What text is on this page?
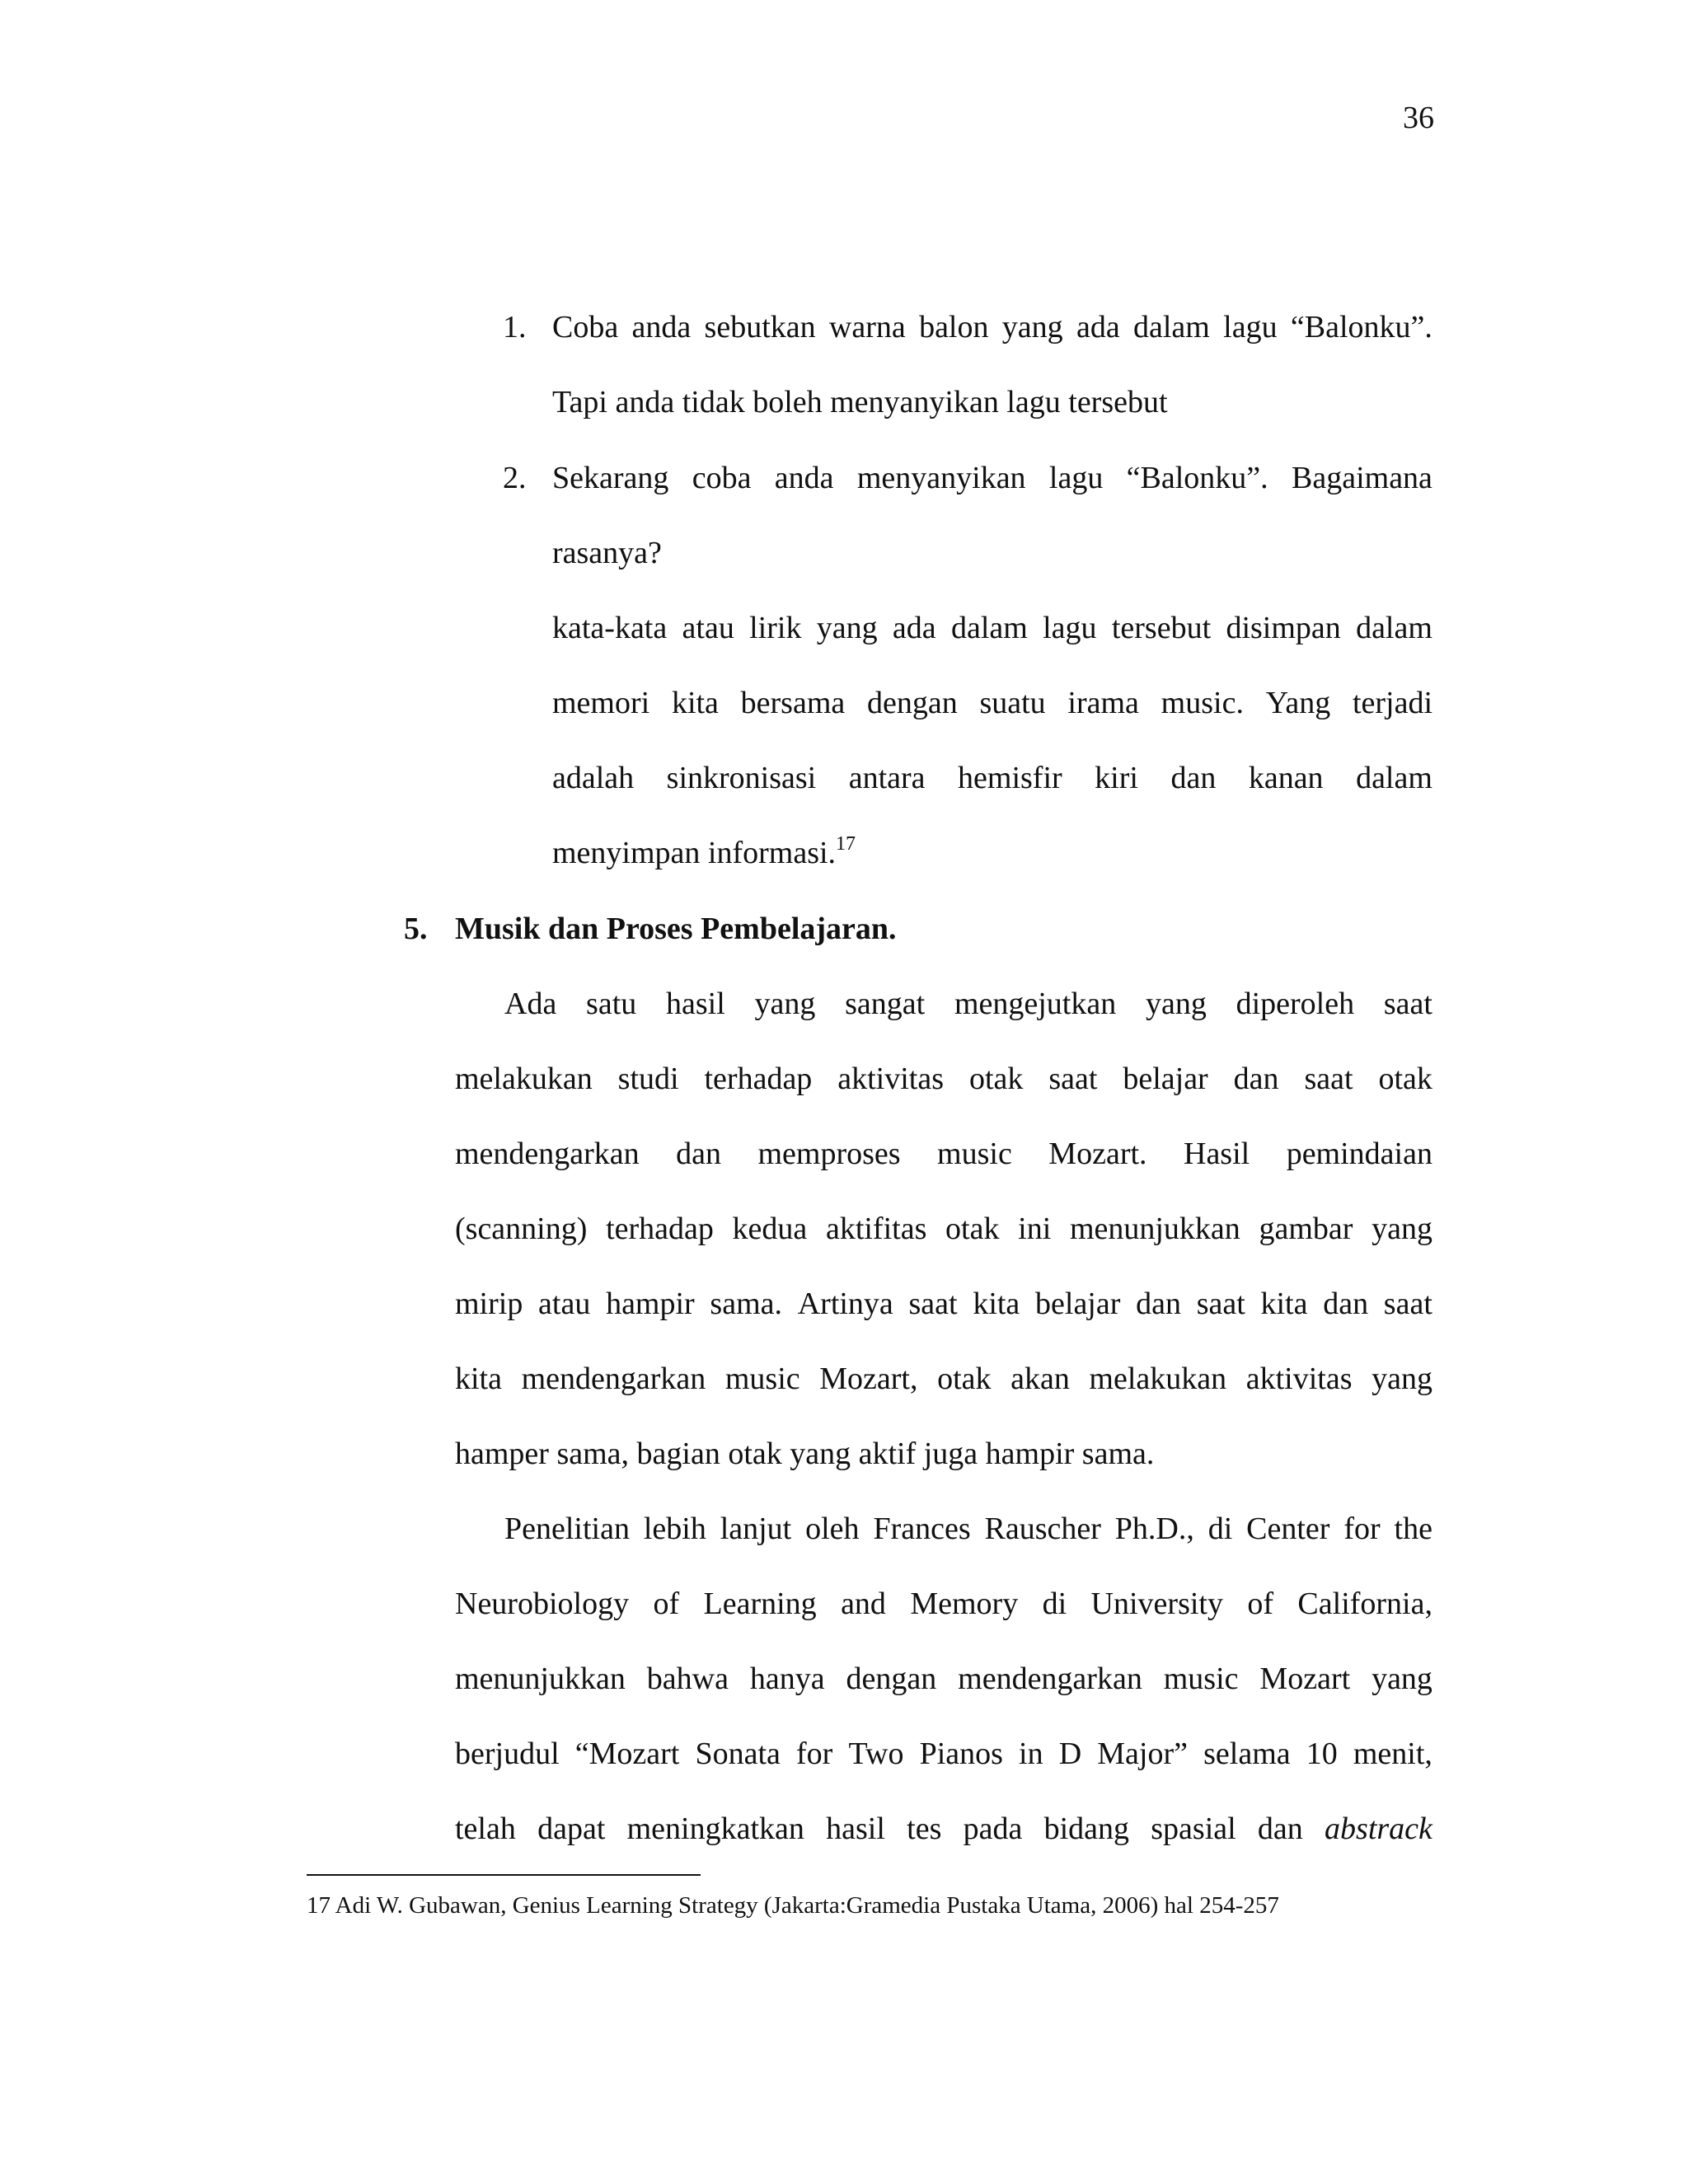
36
1. Coba anda sebutkan warna balon yang ada dalam lagu “Balonku”.
Tapi anda tidak boleh menyanyikan lagu tersebut
2. Sekarang coba anda menyanyikan lagu “Balonku”. Bagaimana
rasanya?
kata-kata atau lirik yang ada dalam lagu tersebut disimpan dalam
memori kita bersama dengan suatu irama music. Yang terjadi
adalah sinkronisasi antara hemisfir kiri dan kanan dalam
menyimpan informasi.$^{17}$
5. Musik dan Proses Pembelajaran.
Ada satu hasil yang sangat mengejutkan yang diperoleh saat
melakukan studi terhadap aktivitas otak saat belajar dan saat otak
mendengarkan dan memproses music Mozart. Hasil pemindaian
(scanning) terhadap kedua aktifitas otak ini menunjukkan gambar yang
mirip atau hampir sama. Artinya saat kita belajar dan saat kita dan saat
kita mendengarkan music Mozart, otak akan melakukan aktivitas yang
hamper sama, bagian otak yang aktif juga hampir sama.
Penelitian lebih lanjut oleh Frances Rauscher Ph.D., di Center for the
Neurobiology of Learning and Memory di University of California,
menunjukkan bahwa hanya dengan mendengarkan music Mozart yang
berjudul “Mozart Sonata for Two Pianos in D Major” selama 10 menit,
telah dapat meningkatkan hasil tes pada bidang spasial dan abstrack
17 Adi W. Gubawan, Genius Learning Strategy (Jakarta:Gramedia Pustaka Utama, 2006) hal 254-257
